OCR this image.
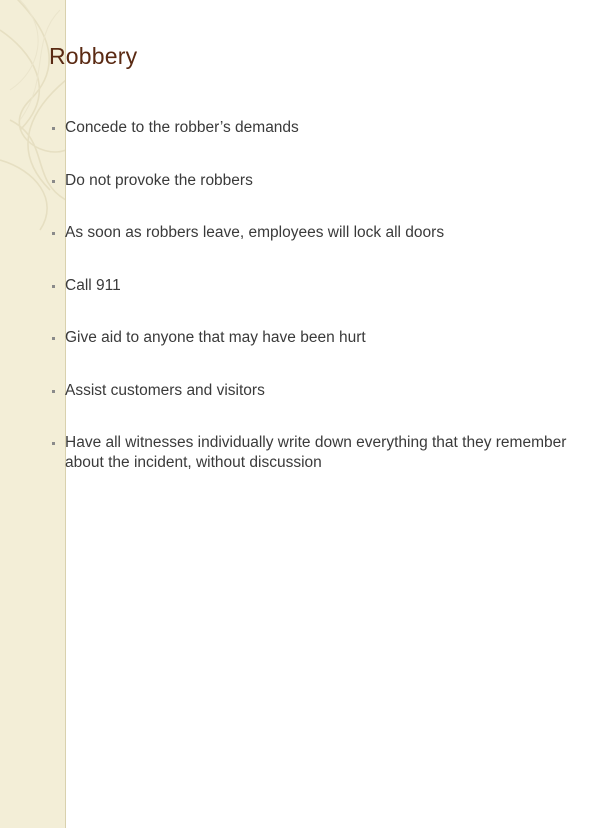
Robbery
Concede to the robber’s demands
Do not provoke the robbers
As soon as robbers leave, employees will lock all doors
Call 911
Give aid to anyone that may have been hurt
Assist customers and visitors
Have all witnesses individually write down everything that they remember about the incident, without discussion
